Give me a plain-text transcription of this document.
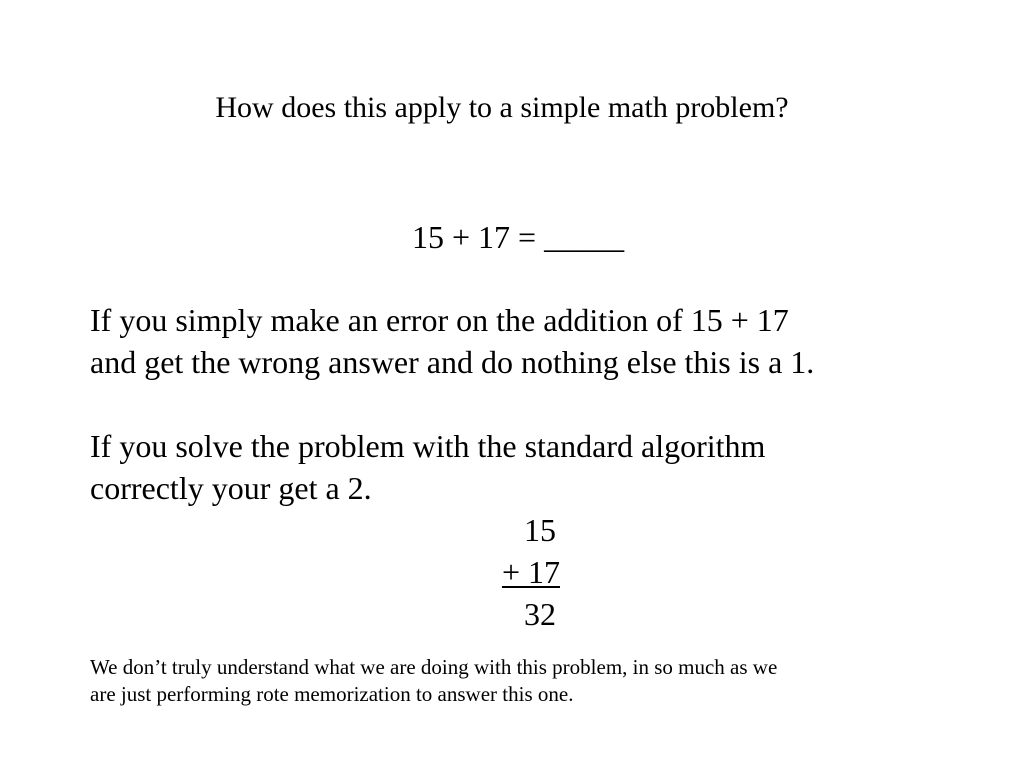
How does this apply to a simple math problem?
15 + 17 = _____
If you simply make an error on the addition of 15 + 17
and get the wrong answer and do nothing else this is a 1.
If you solve the problem with the standard algorithm
correctly your get a 2.
15
+ 17
32
We don’t truly understand what we are doing with this problem, in so much as we
are just performing rote memorization to answer this one.
